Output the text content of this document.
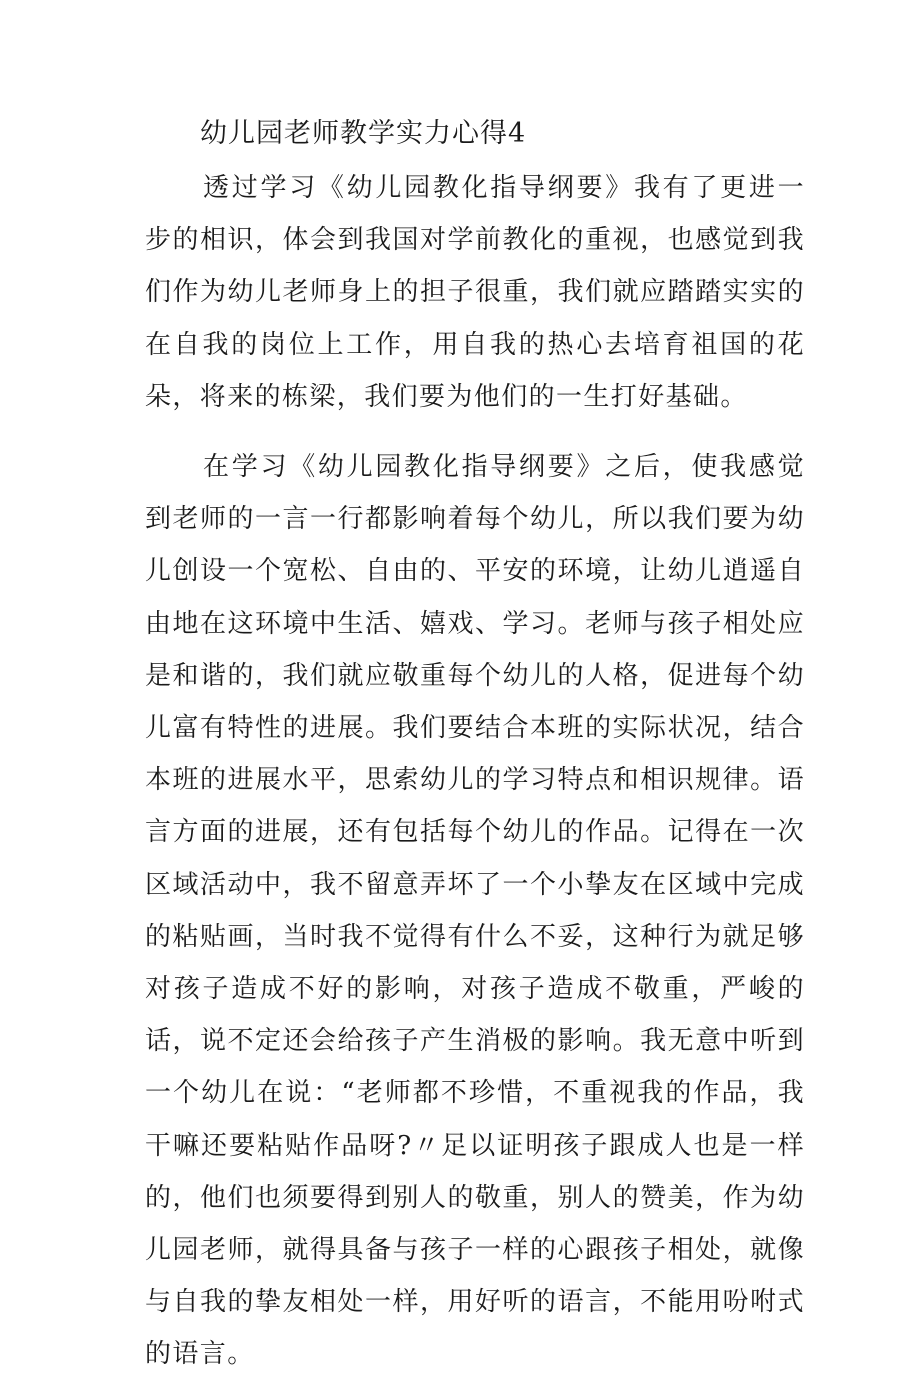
幼儿园老师教学实力心得4

透过学习《幼儿园教化指导纲要》我有了更进一步的相识，体会到我国对学前教化的重视，也感觉到我们作为幼儿老师身上的担子很重，我们就应踏踏实实的在自我的岗位上工作，用自我的热心去培育祖国的花朵，将来的栋梁，我们要为他们的一生打好基础。

在学习《幼儿园教化指导纲要》之后，使我感觉到老师的一言一行都影响着每个幼儿，所以我们要为幼儿创设一个宽松、自由的、平安的环境，让幼儿逍遥自由地在这环境中生活、嬉戏、学习。老师与孩子相处应是和谐的，我们就应敬重每个幼儿的人格，促进每个幼儿富有特性的进展。我们要结合本班的实际状况，结合本班的进展水平，思索幼儿的学习特点和相识规律。语言方面的进展，还有包括每个幼儿的作品。记得在一次区域活动中，我不留意弄坏了一个小挚友在区域中完成的粘贴画，当时我不觉得有什么不妥，这种行为就足够对孩子造成不好的影响，对孩子造成不敬重，严峻的话，说不定还会给孩子产生消极的影响。我无意中听到一个幼儿在说：“老师都不珍惜，不重视我的作品，我干嘛还要粘贴作品呀?〃足以证明孩子跟成人也是一样的，他们也须要得到别人的敬重，别人的赞美，作为幼儿园老师，就得具备与孩子一样的心跟孩子相处，就像与自我的挚友相处一样，用好听的语言，不能用吩咐式的语言。
